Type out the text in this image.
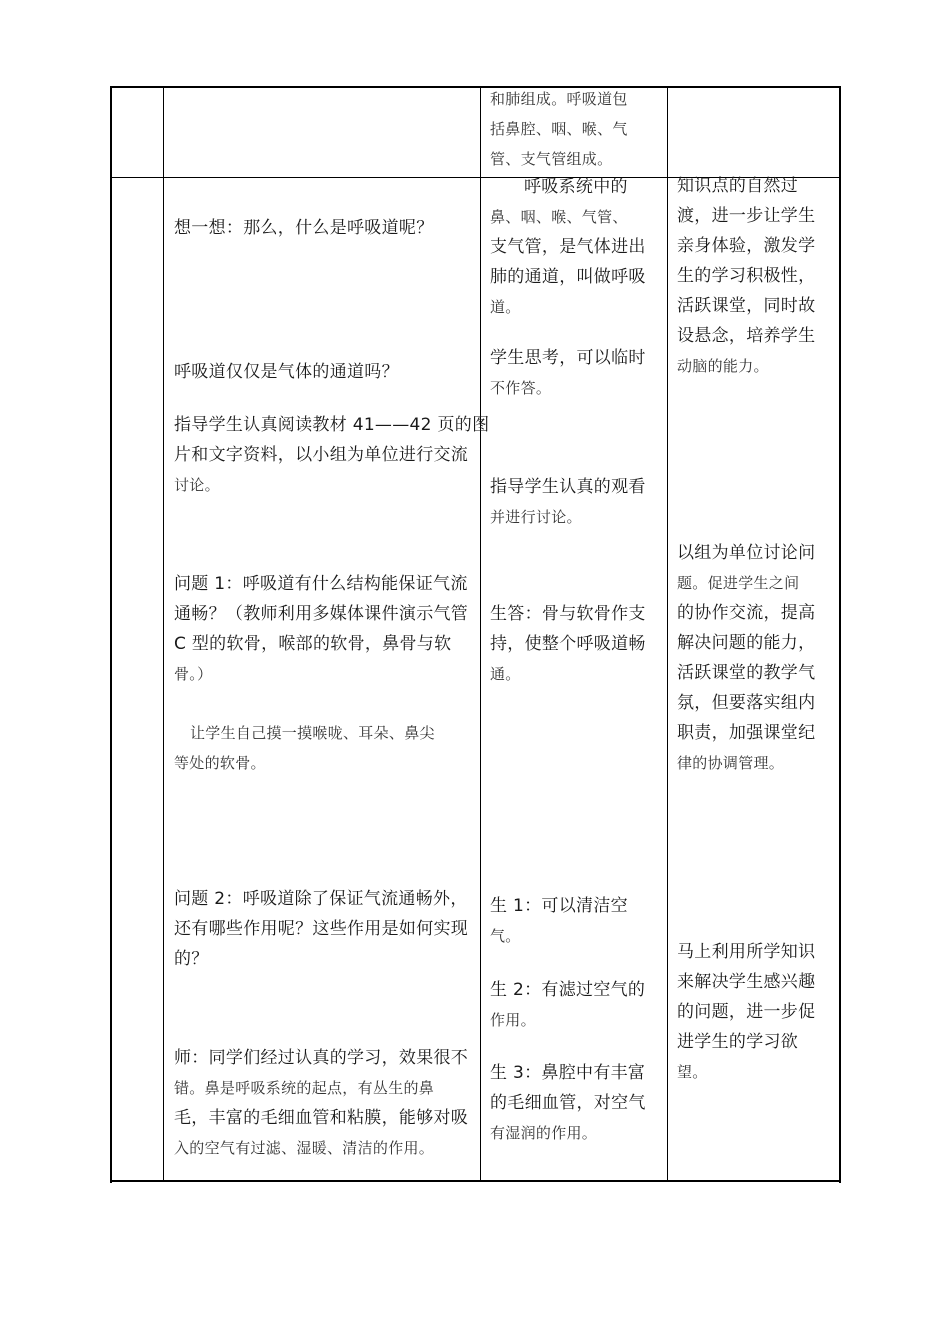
和肺组成。呼吸道包

括鼻腔、咽、喉、气

管、支气管组成。

想一想：那么，什么是呼吸道呢？

呼吸道仅仅是气体的通道吗？

指导学生认真阅读教材 41——42 页的图

片和文字资料，以小组为单位进行交流

讨论。

问题 1：呼吸道有什么结构能保证气流

通畅？（教师利用多媒体课件演示气管

C 型的软骨，喉部的软骨，鼻骨与软

骨。）

让学生自己摸一摸喉咙、耳朵、鼻尖

等处的软骨。

问题 2：呼吸道除了保证气流通畅外，

还有哪些作用呢？这些作用是如何实现

的？

师：同学们经过认真的学习，效果很不

错。鼻是呼吸系统的起点，有丛生的鼻

毛，丰富的毛细血管和粘膜，能够对吸

入的空气有过滤、湿暖、清洁的作用。

呼吸系统中的

鼻、咽、喉、气管、

支气管，是气体进出

肺的通道，叫做呼吸

道。

学生思考，可以临时

不作答。

指导学生认真的观看

并进行讨论。

生答：骨与软骨作支

持，使整个呼吸道畅

通。

生 1：可以清洁空

气。

生 2：有滤过空气的

作用。

生 3：鼻腔中有丰富

的毛细血管，对空气

有湿润的作用。

知识点的自然过

渡，进一步让学生

亲身体验，激发学

生的学习积极性，

活跃课堂，同时故

设悬念，培养学生

动脑的能力。

以组为单位讨论问

题。促进学生之间

的协作交流，提高

解决问题的能力，

活跃课堂的教学气

氛，但要落实组内

职责，加强课堂纪

律的协调管理。

马上利用所学知识

来解决学生感兴趣

的问题，进一步促

进学生的学习欲

望。
